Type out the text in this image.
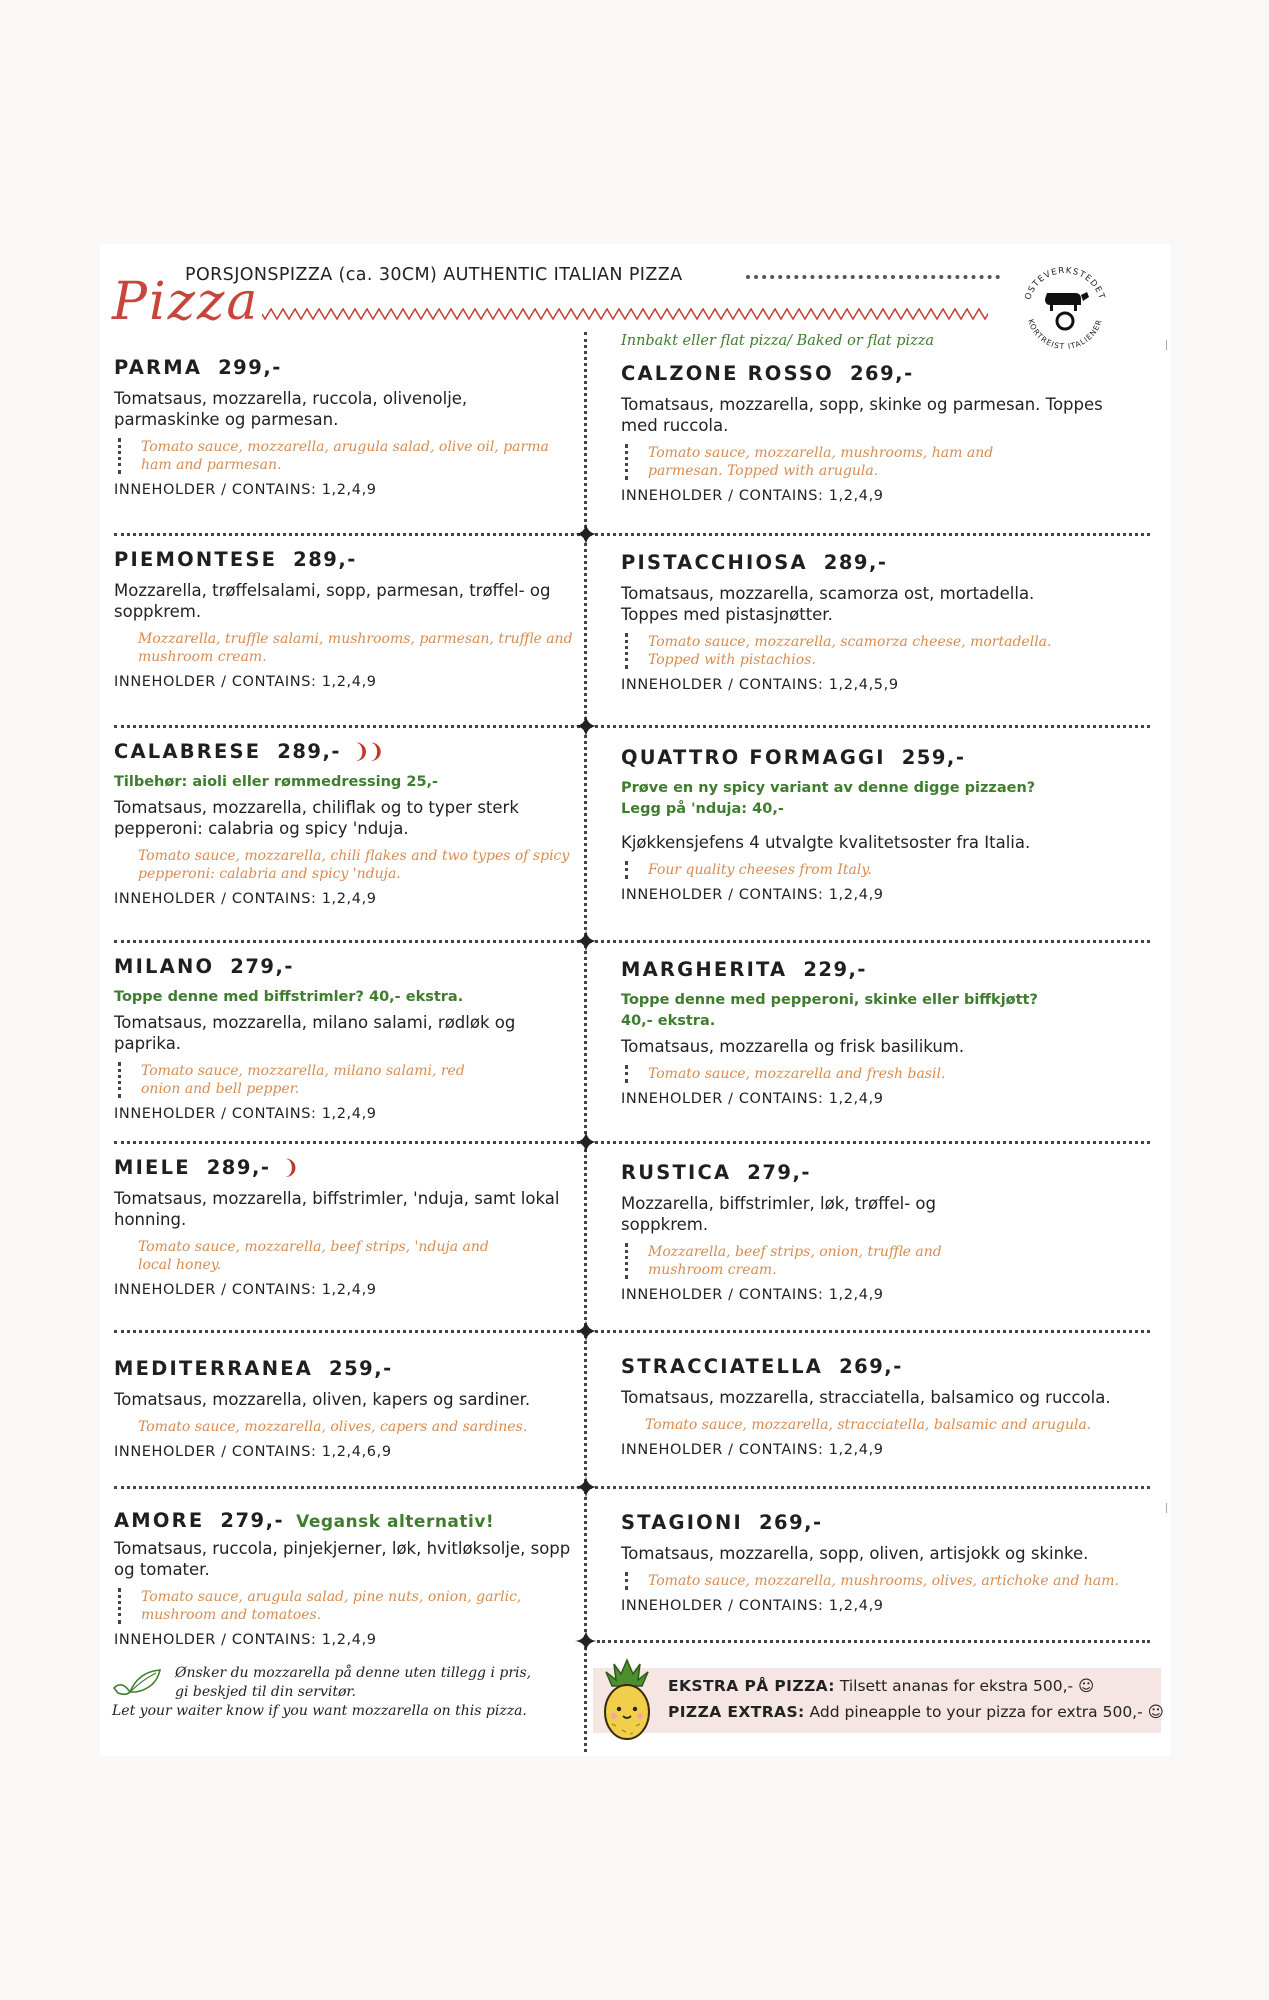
Pizza
PORSJONSPIZZA (ca. 30CM) AUTHENTIC ITALIAN PIZZA
OSTEVERKSTEDET
KORTREIST ITALIENER
Innbakt eller flat pizza/ Baked or flat pizza
PARMA 299,-
Tomatsaus, mozzarella, ruccola, olivenolje, parmaskinke og parmesan.
Tomato sauce, mozzarella, arugula salad, olive oil, parma ham and parmesan.
INNEHOLDER / CONTAINS: 1,2,4,9
PIEMONTESE 289,-
Mozzarella, trøffelsalami, sopp, parmesan, trøffel- og soppkrem.
Mozzarella, truffle salami, mushrooms, parmesan, truffle and mushroom cream.
INNEHOLDER / CONTAINS: 1,2,4,9
CALABRESE 289,- ❩❩
Tilbehør: aioli eller rømmedressing 25,-
Tomatsaus, mozzarella, chiliflak og to typer sterk pepperoni: calabria og spicy 'nduja.
Tomato sauce, mozzarella, chili flakes and two types of spicy pepperoni: calabria and spicy 'nduja.
INNEHOLDER / CONTAINS: 1,2,4,9
MILANO 279,-
Toppe denne med biffstrimler? 40,- ekstra.
Tomatsaus, mozzarella, milano salami, rødløk og paprika.
Tomato sauce, mozzarella, milano salami, red onion and bell pepper.
INNEHOLDER / CONTAINS: 1,2,4,9
MIELE 289,- ❩
Tomatsaus, mozzarella, biffstrimler, 'nduja, samt lokal honning.
Tomato sauce, mozzarella, beef strips, 'nduja and local honey.
INNEHOLDER / CONTAINS: 1,2,4,9
MEDITERRANEA 259,-
Tomatsaus, mozzarella, oliven, kapers og sardiner.
Tomato sauce, mozzarella, olives, capers and sardines.
INNEHOLDER / CONTAINS: 1,2,4,6,9
AMORE 279,- Vegansk alternativ!
Tomatsaus, ruccola, pinjekjerner, løk, hvitløksolje, sopp og tomater.
Tomato sauce, arugula salad, pine nuts, onion, garlic, mushroom and tomatoes.
INNEHOLDER / CONTAINS: 1,2,4,9
CALZONE ROSSO 269,-
Tomatsaus, mozzarella, sopp, skinke og parmesan. Toppes med ruccola.
Tomato sauce, mozzarella, mushrooms, ham and parmesan. Topped with arugula.
INNEHOLDER / CONTAINS: 1,2,4,9
PISTACCHIOSA 289,-
Tomatsaus, mozzarella, scamorza ost, mortadella. Toppes med pistasjnøtter.
Tomato sauce, mozzarella, scamorza cheese, mortadella. Topped with pistachios.
INNEHOLDER / CONTAINS: 1,2,4,5,9
QUATTRO FORMAGGI 259,-
Prøve en ny spicy variant av denne digge pizzaen? Legg på 'nduja: 40,-
Kjøkkensjefens 4 utvalgte kvalitetsoster fra Italia.
Four quality cheeses from Italy.
INNEHOLDER / CONTAINS: 1,2,4,9
MARGHERITA 229,-
Toppe denne med pepperoni, skinke eller biffkjøtt? 40,- ekstra.
Tomatsaus, mozzarella og frisk basilikum.
Tomato sauce, mozzarella and fresh basil.
INNEHOLDER / CONTAINS: 1,2,4,9
RUSTICA 279,-
Mozzarella, biffstrimler, løk, trøffel- og soppkrem.
Mozzarella, beef strips, onion, truffle and mushroom cream.
INNEHOLDER / CONTAINS: 1,2,4,9
STRACCIATELLA 269,-
Tomatsaus, mozzarella, stracciatella, balsamico og ruccola.
Tomato sauce, mozzarella, stracciatella, balsamic and arugula.
INNEHOLDER / CONTAINS: 1,2,4,9
STAGIONI 269,-
Tomatsaus, mozzarella, sopp, oliven, artisjokk og skinke.
Tomato sauce, mozzarella, mushrooms, olives, artichoke and ham.
INNEHOLDER / CONTAINS: 1,2,4,9
Ønsker du mozzarella på denne uten tillegg i pris,
gi beskjed til din servitør.
Let your waiter know if you want mozzarella on this pizza.
EKSTRA PÅ PIZZA: Tilsett ananas for ekstra 500,- ☺
PIZZA EXTRAS: Add pineapple to your pizza for extra 500,- ☺
